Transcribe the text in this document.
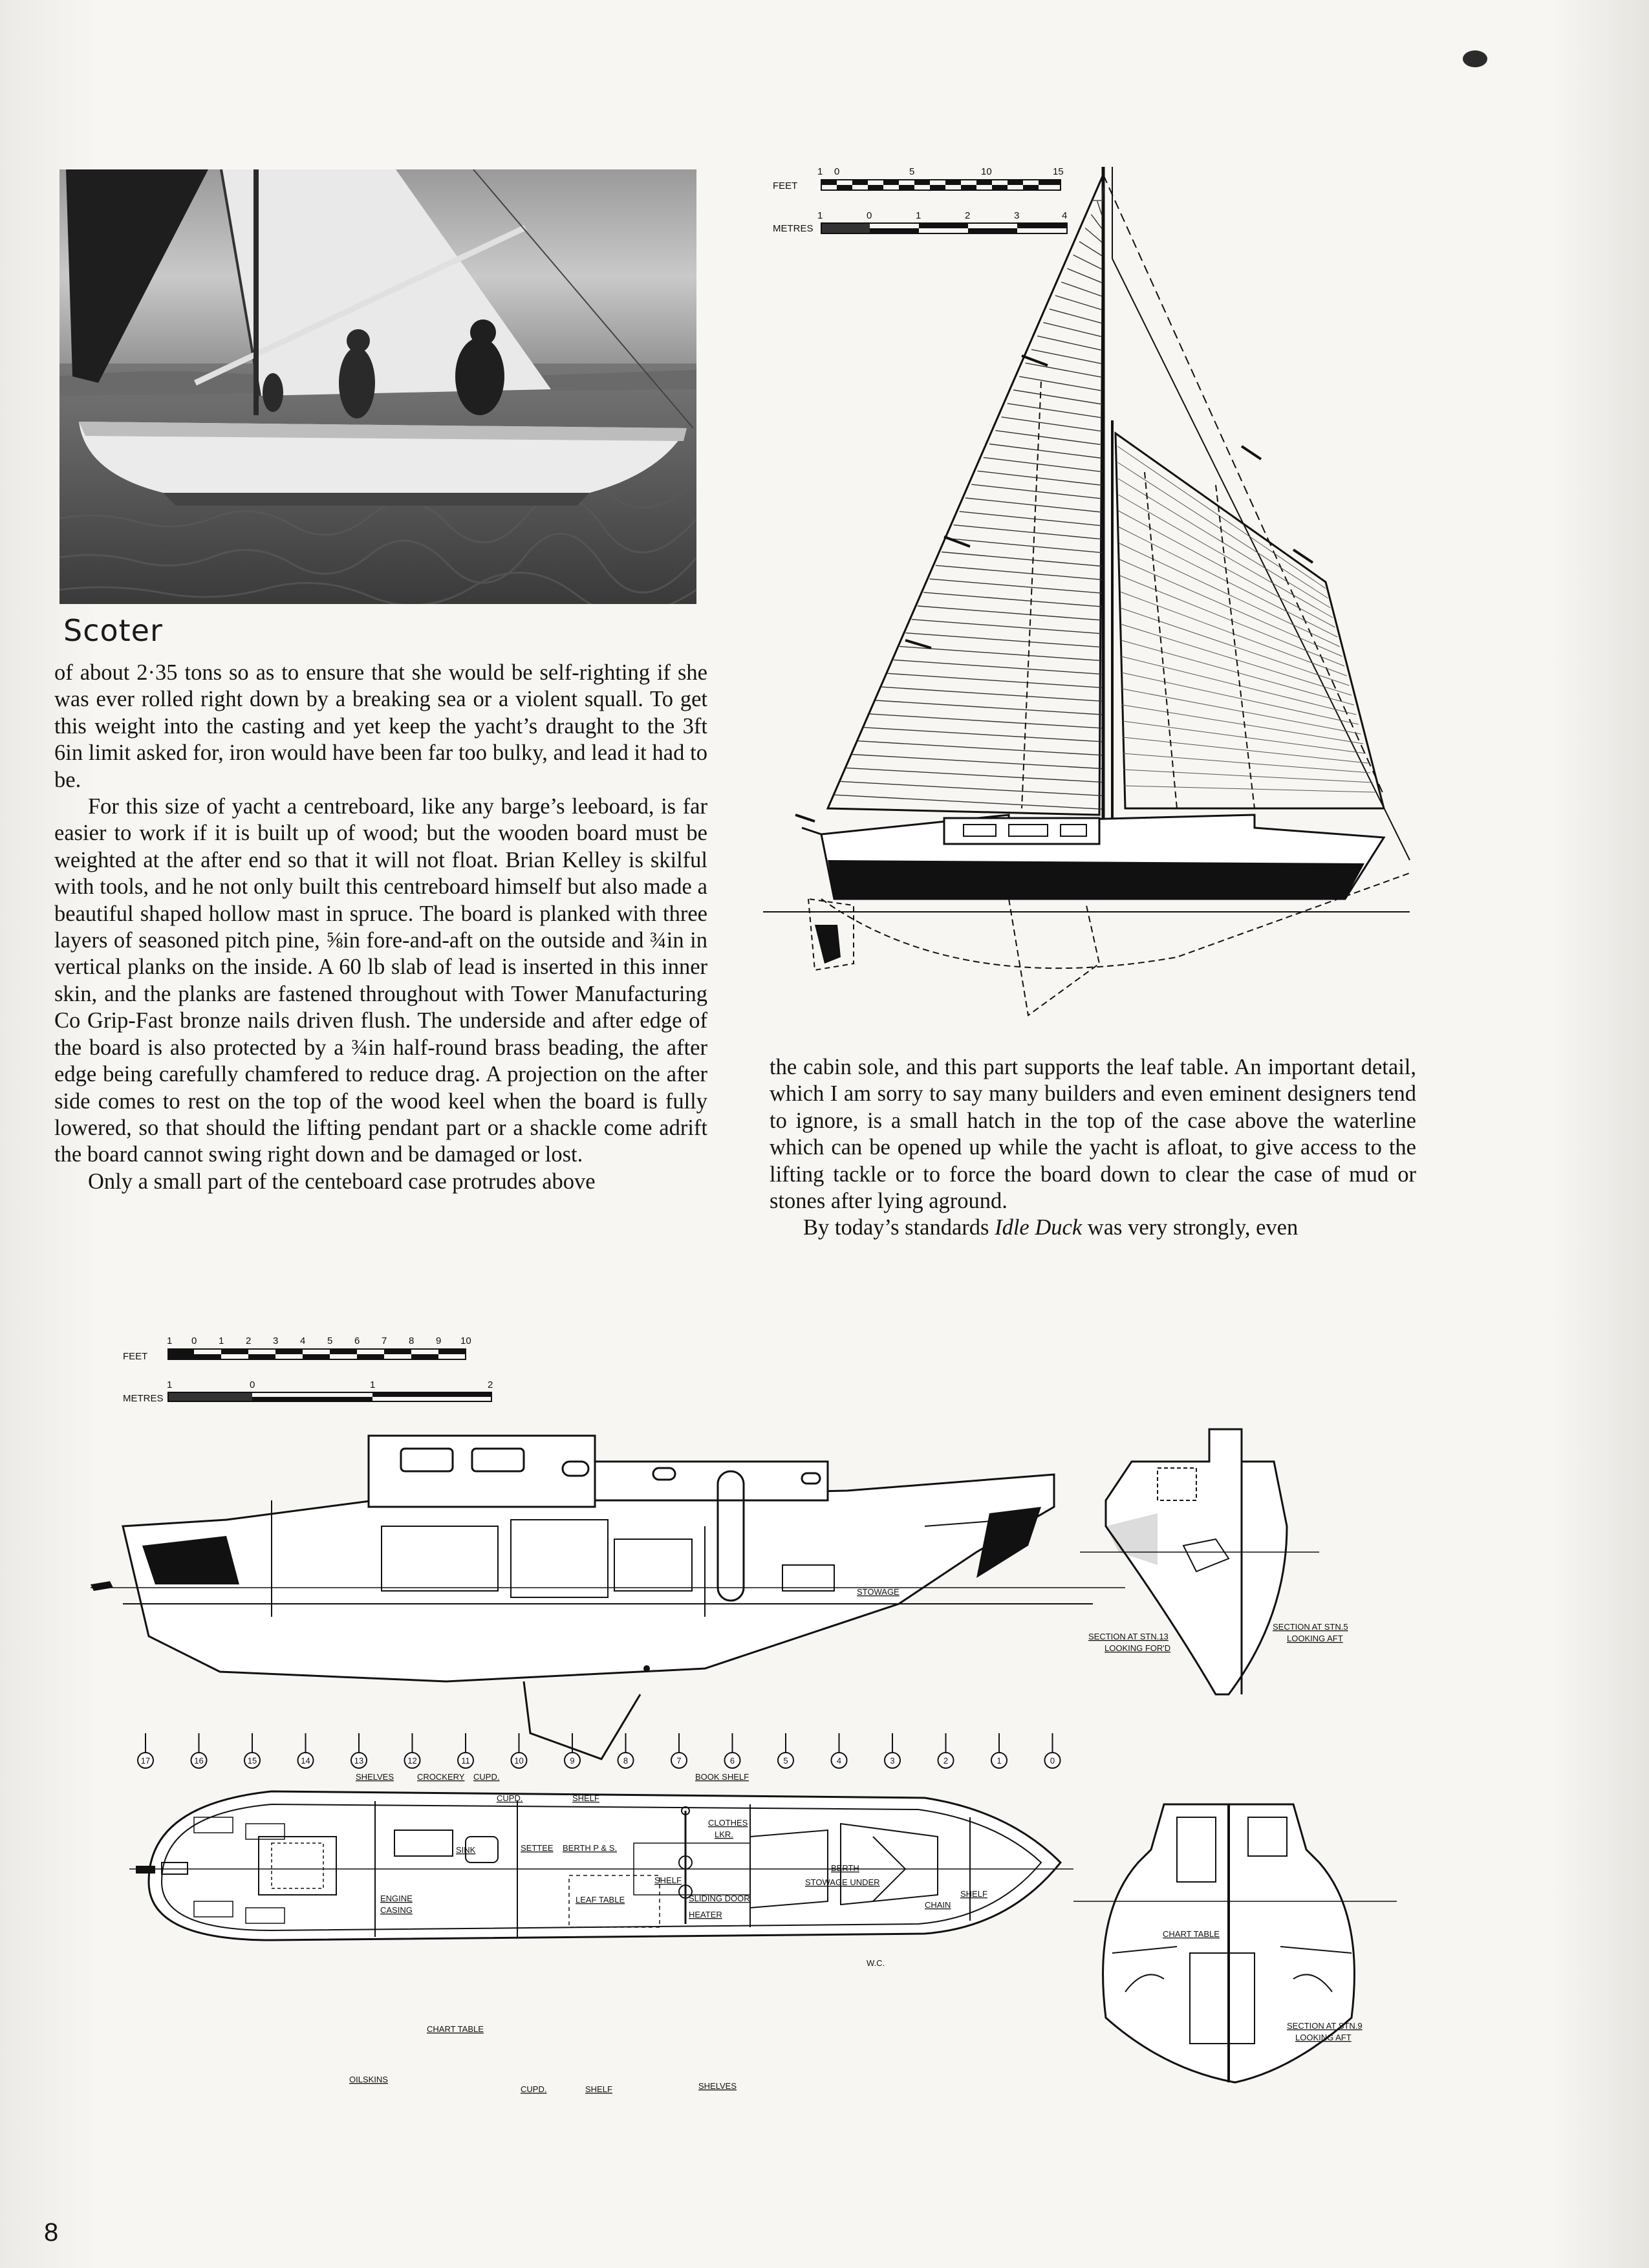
Scoter

of about 2·35 tons so as to ensure that she would be self-righting if she was ever rolled right down by a breaking sea or a violent squall. To get this weight into the casting and yet keep the yacht’s draught to the 3ft 6in limit asked for, iron would have been far too bulky, and lead it had to be.

For this size of yacht a centreboard, like any barge’s leeboard, is far easier to work if it is built up of wood; but the wooden board must be weighted at the after end so that it will not float. Brian Kelley is skilful with tools, and he not only built this centreboard himself but also made a beautiful shaped hollow mast in spruce. The board is planked with three layers of seasoned pitch pine, ⅝in fore-and-aft on the outside and ¾in in vertical planks on the inside. A 60 lb slab of lead is inserted in this inner skin, and the planks are fastened throughout with Tower Manufacturing Co Grip-Fast bronze nails driven flush. The underside and after edge of the board is also protected by a ¾in half-round brass beading, the after edge being carefully chamfered to reduce drag. A projection on the after side comes to rest on the top of the wood keel when the board is fully lowered, so that should the lifting pendant part or a shackle come adrift the board cannot swing right down and be damaged or lost.

Only a small part of the centeboard case protrudes above

the cabin sole, and this part supports the leaf table. An important detail, which I am sorry to say many builders and even eminent designers tend to ignore, is a small hatch in the top of the case above the waterline which can be opened up while the yacht is afloat, to give access to the lifting tackle or to force the board down to clear the case of mud or stones after lying aground.

By today’s standards Idle Duck was very strongly, even

FEET
METRES
1 0	5	10	15
1	0	1	2	3	4
FEET
METRES
1 0 1 2 3 4 5 6 7 8 9 10
1	0	1	2
STOWAGE
SECTION AT STN.13
LOOKING FOR'D
SECTION AT STN.5
LOOKING AFT
17	16	15	14	13	12	11	10	9	8	7	6	5	4	3	2	1	0
SHELVES	CROCKERY CUPD.
CUPD.	SHELF
BOOK SHELF
CLOTHES
LKR.
SINK	SETTEE BERTH P & S.
ENGINE
CASING
SHELF
LEAF TABLE	SLIDING DOOR
HEATER
BERTH
STOWAGE UNDER
CHAIN
SHELF
W.C.
CHART TABLE
OILSKINS
CUPD.	SHELF	SHELVES
CHART TABLE
SECTION AT STN.9
LOOKING AFT
8
